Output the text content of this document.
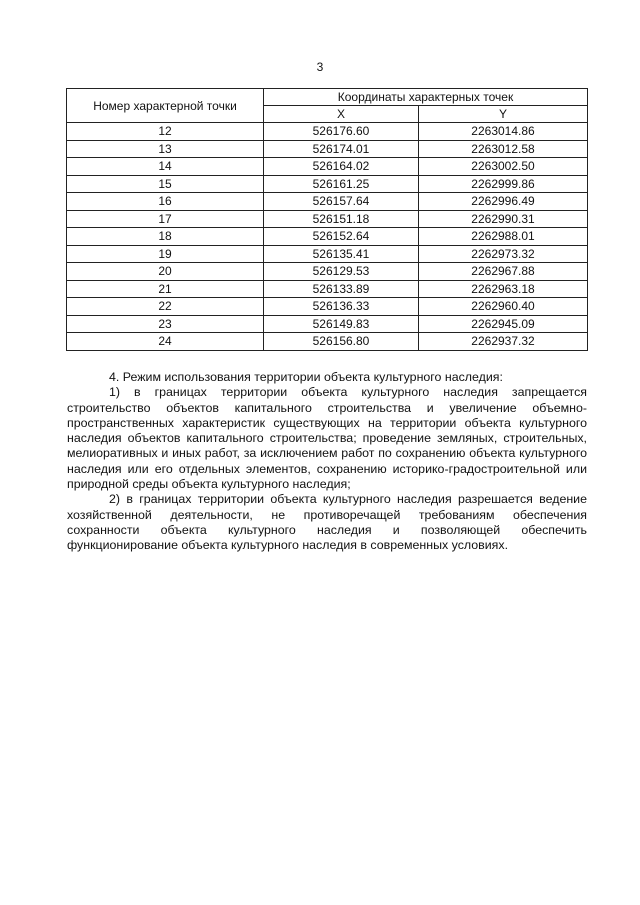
3
Номер характерной точки	Координаты характерных точек	
	X	Y
12	526176.60	2263014.86
13	526174.01	2263012.58
14	526164.02	2263002.50
15	526161.25	2262999.86
16	526157.64	2262996.49
17	526151.18	2262990.31
18	526152.64	2262988.01
19	526135.41	2262973.32
20	526129.53	2262967.88
21	526133.89	2262963.18
22	526136.33	2262960.40
23	526149.83	2262945.09
24	526156.80	2262937.32

4. Режим использования территории объекта культурного наследия:

1) в границах территории объекта культурного наследия запрещается строительство объектов капитального строительства и увеличение объемно-пространственных характеристик существующих на территории объекта культурного наследия объектов капитального строительства; проведение земляных, строительных, мелиоративных и иных работ, за исключением работ по сохранению объекта культурного наследия или его отдельных элементов, сохранению историко-градостроительной или природной среды объекта культурного наследия;

2) в границах территории объекта культурного наследия разрешается ведение хозяйственной деятельности, не противоречащей требованиям обеспечения сохранности объекта культурного наследия и позволяющей обеспечить функционирование объекта культурного наследия в современных условиях.
